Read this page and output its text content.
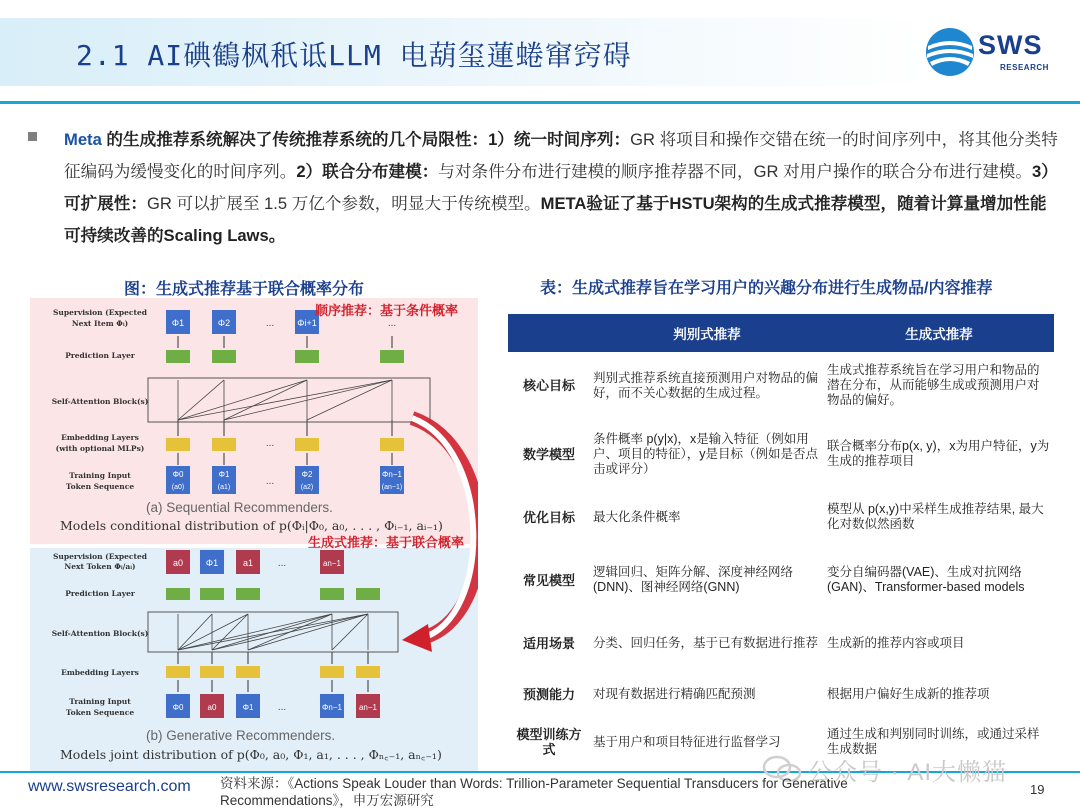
2.1 AI碘鶴枫秖诋LLM 电葫玺蓮蜷窜窍碍	SWS
RESEARCH
Meta 的生成推荐系统解决了传统推荐系统的几个局限性：1）统一时间序列：GR 将项目和操作交错在统一的时间序列中，将其他分类特征编码为缓慢变化的时间序列。2）联合分布建模：与对条件分布进行建模的顺序推荐器不同，GR 对用户操作的联合分布进行建模。3）可扩展性：GR 可以扩展至 1.5 万亿个参数，明显大于传统模型。META验证了基于HSTU架构的生成式推荐模型，随着计算量增加性能可持续改善的Scaling Laws。
图：生成式推荐基于联合概率分布
Supervision (Expected
Next Item Φᵢ)
Prediction Layer
Self-Attention Block(s)
Embedding Layers
(with optional MLPs)
Training Input
Token Sequence
Φ1	Φ2	...	Φi+1	...
Φ0
(a0)
Φ1
(a1)
Φ2
(a2)
Φn−1
(an−1)
...
...
Supervision (Expected
Next Token Φᵢ/aᵢ)
Prediction Layer
Self-Attention Block(s)
Embedding Layers
Training Input
Token Sequence
a0	Φ1	a1 ...	an−1
Φ0	a0	Φ1	Φn−1 an−1
...
顺序推荐：基于条件概率
生成式推荐：基于联合概率
(a) Sequential Recommenders.
Models conditional distribution of p(Φᵢ|Φ₀, a₀, . . . , Φᵢ₋₁, aᵢ₋₁)
(b) Generative Recommenders.
Models joint distribution of p(Φ₀, a₀, Φ₁, a₁, . . . , Φₙ꜀₋₁, aₙ꜀₋₁)
表：生成式推荐旨在学习用户的兴趣分布进行生成物品/内容推荐
	判别式推荐	生成式推荐
核心目标	判别式推荐系统直接预测用户对物品的偏好，而不关心数据的生成过程。	生成式推荐系统旨在学习用户和物品的潜在分布，从而能够生成或预测用户对物品的偏好。
数学模型	条件概率 p(y|x)，x是输入特征（例如用户、项目的特征），y是目标（例如是否点击或评分）	联合概率分布p(x, y)，x为用户特征，y为生成的推荐项目
优化目标	最大化条件概率	模型从 p(x,y)中采样生成推荐结果, 最大化对数似然函数
常见模型	逻辑回归、矩阵分解、深度神经网络(DNN)、图神经网络(GNN)	变分自编码器(VAE)、生成对抗网络(GAN)、Transformer-based models
适用场景	分类、回归任务，基于已有数据进行推荐	生成新的推荐内容或项目
预测能力	对现有数据进行精确匹配预测	根据用户偏好生成新的推荐项
模型训练方式	基于用户和项目特征进行监督学习	通过生成和判别同时训练，或通过采样生成数据
公众号 · AI大懒猫
www.swsresearch.com 资料来源：《Actions Speak Louder than Words: Trillion-Parameter Sequential Transducers for Generative Recommendations》，申万宏源研究
19
